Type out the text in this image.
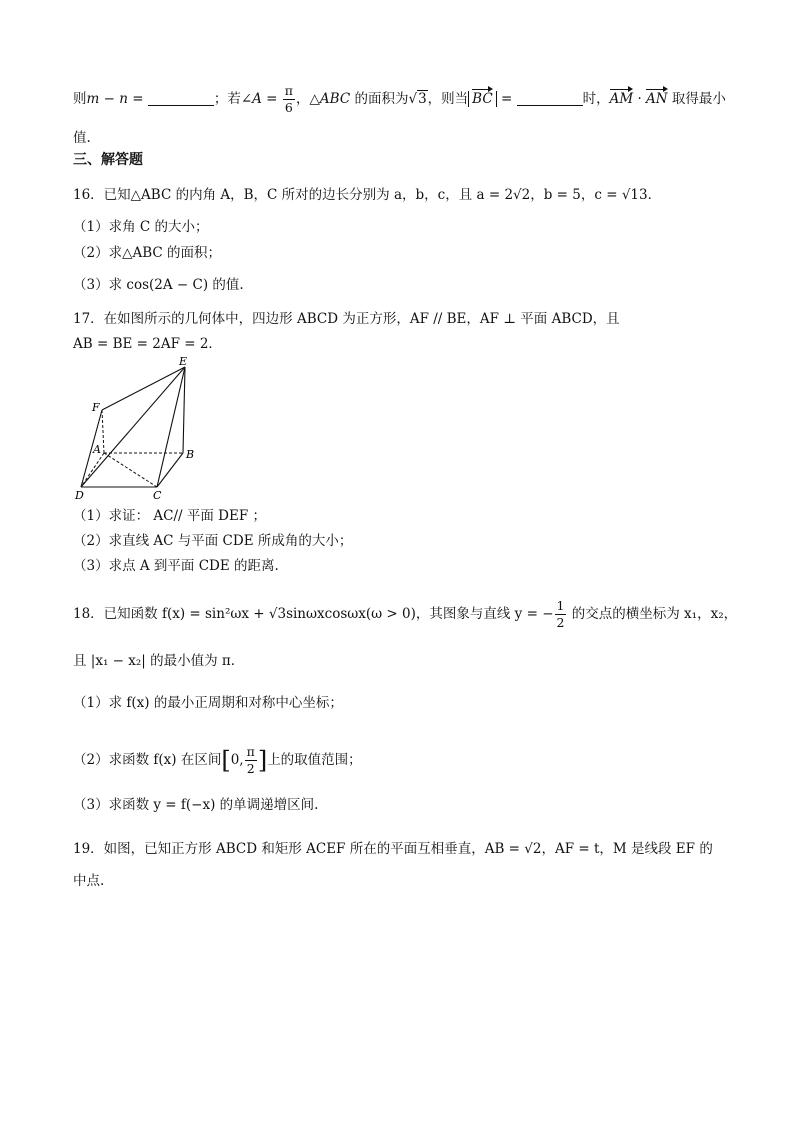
则m − n =	；若∠A = $\frac{\pi}{6}$ ，△ABC 的面积为√3，则当 BC =	时，AM · AN 取得最小
值.
三、解答题
16．已知△ABC 的内角 A，B，C 所对的边长分别为 a，b，c，且 a = 2√2，b = 5，c = √13．
（1）求角 C 的大小；
（2）求△ABC 的面积；
（3）求 cos(2A − C) 的值.
17．在如图所示的几何体中，四边形 ABCD 为正方形，AF // BE，AF ⊥ 平面 ABCD，且
AB = BE = 2AF = 2．
E
F
A	B
D	C
（1）求证： AC// 平面 DEF ；
（2）求直线 AC 与平面 CDE 所成角的大小；
（3）求点 A 到平面 CDE 的距离.
18．已知函数 f(x) = sin²ωx + √3sinωxcosωx(ω > 0)，其图象与直线 y = − $\frac{1}{2}$ 的交点的横坐标为 x₁，x₂，
且 |x₁ − x₂| 的最小值为 π．
（1）求 f(x) 的最小正周期和对称中心坐标；
（2）求函数 f(x) 在区间[0, $\frac{\pi}{2}$ ]上的取值范围；
（3）求函数 y = f(−x) 的单调递增区间.
19．如图，已知正方形 ABCD 和矩形 ACEF 所在的平面互相垂直，AB = √2，AF = t，M 是线段 EF 的
中点.
